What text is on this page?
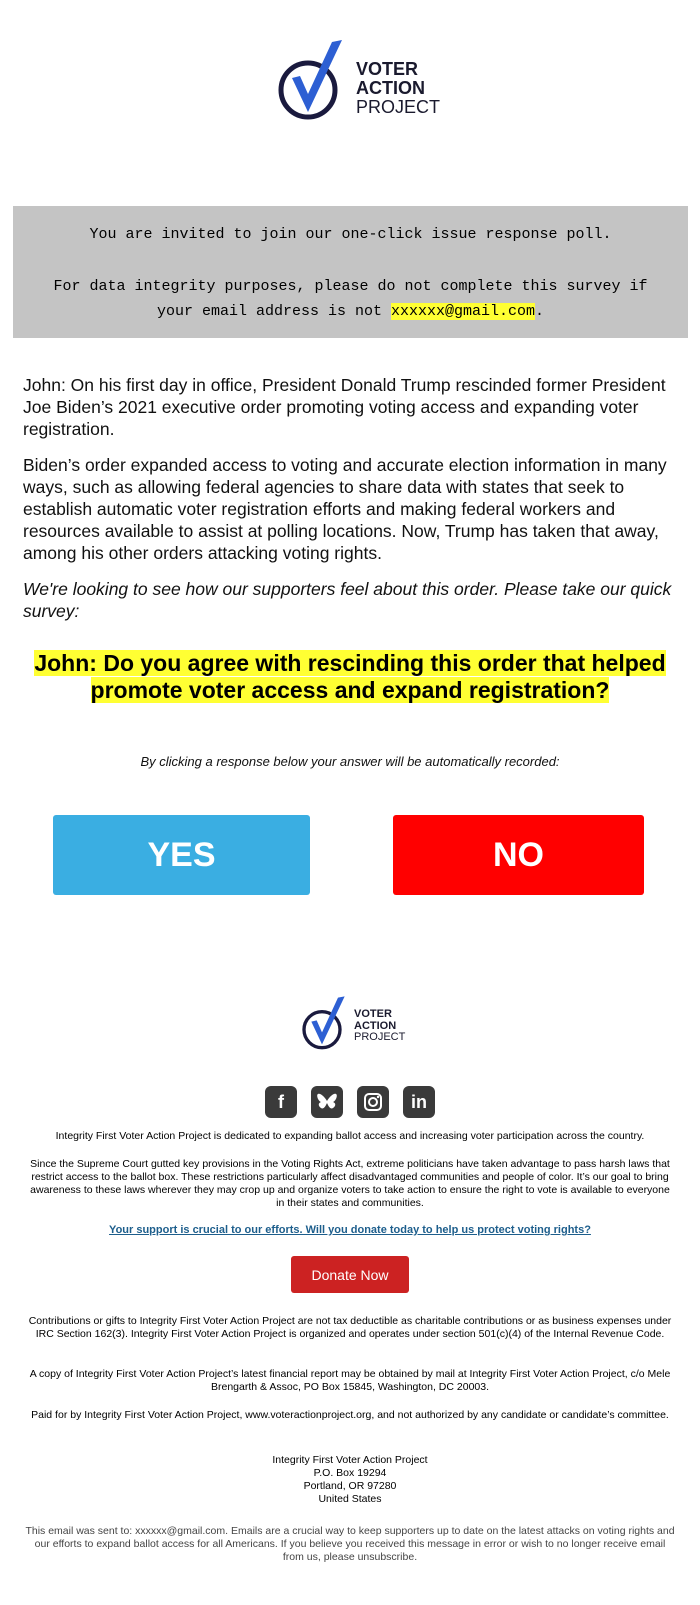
VOTER
ACTION
PROJECT
You are invited to join our one-click issue response poll.
For data integrity purposes, please do not complete this survey if your email address is not xxxxxx@gmail.com.

John: On his first day in office, President Donald Trump rescinded former President Joe Biden’s 2021 executive order promoting voting access and expanding voter registration.

Biden’s order expanded access to voting and accurate election information in many ways, such as allowing federal agencies to share data with states that seek to establish automatic voter registration efforts and making federal workers and resources available to assist at polling locations. Now, Trump has taken that away, among his other orders attacking voting rights.

We're looking to see how our supporters feel about this order. Please take our quick survey:

John: Do you agree with rescinding this order that helped promote voter access and expand registration?
By clicking a response below your answer will be automatically recorded:
YES	NO
VOTER
ACTION
PROJECT
f	in

Integrity First Voter Action Project is dedicated to expanding ballot access and increasing voter participation across the country.

Since the Supreme Court gutted key provisions in the Voting Rights Act, extreme politicians have taken advantage to pass harsh laws that restrict access to the ballot box. These restrictions particularly affect disadvantaged communities and people of color. It’s our goal to bring awareness to these laws wherever they may crop up and organize voters to take action to ensure the right to vote is available to everyone in their states and communities.

Your support is crucial to our efforts. Will you donate today to help us protect voting rights?
Donate Now

Contributions or gifts to Integrity First Voter Action Project are not tax deductible as charitable contributions or as business expenses under IRC Section 162(3). Integrity First Voter Action Project is organized and operates under section 501(c)(4) of the Internal Revenue Code.

A copy of Integrity First Voter Action Project’s latest financial report may be obtained by mail at Integrity First Voter Action Project, c/o Mele Brengarth & Assoc, PO Box 15845, Washington, DC 20003.

Paid for by Integrity First Voter Action Project, www.voteractionproject.org, and not authorized by any candidate or candidate’s committee.

Integrity First Voter Action Project
P.O. Box 19294
Portland, OR 97280
United States

This email was sent to: xxxxxx@gmail.com. Emails are a crucial way to keep supporters up to date on the latest attacks on voting rights and our efforts to expand ballot access for all Americans. If you believe you received this message in error or wish to no longer receive email from us, please unsubscribe.
